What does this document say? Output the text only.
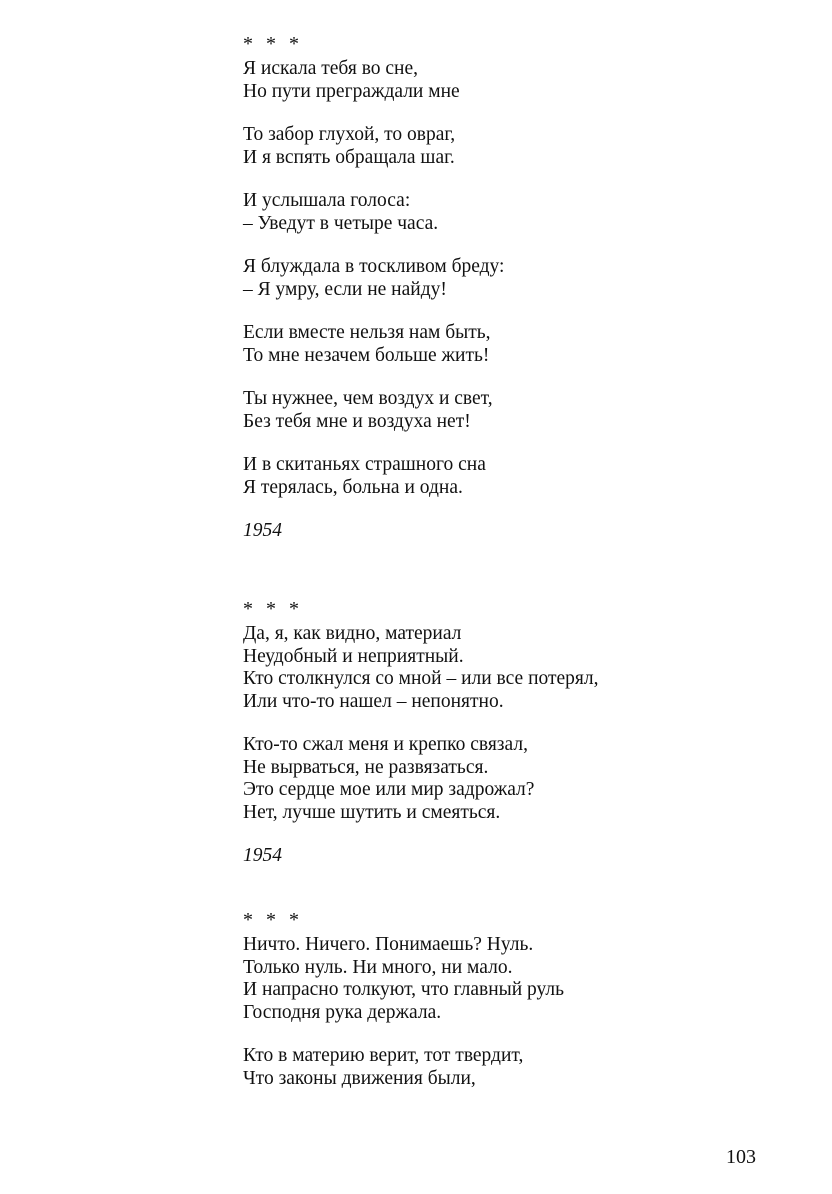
* * *
Я искала тебя во сне,
Но пути преграждали мне
То забор глухой, то овраг,
И я вспять обращала шаг.
И услышала голоса:
– Уведут в четыре часа.
Я блуждала в тоскливом бреду:
– Я умру, если не найду!
Если вместе нельзя нам быть,
То мне незачем больше жить!
Ты нужнее, чем воздух и свет,
Без тебя мне и воздуха нет!
И в скитаньях страшного сна
Я терялась, больна и одна.
1954
* * *
Да, я, как видно, материал
Неудобный и неприятный.
Кто столкнулся со мной – или все потерял,
Или что-то нашел – непонятно.
Кто-то сжал меня и крепко связал,
Не вырваться, не развязаться.
Это сердце мое или мир задрожал?
Нет, лучше шутить и смеяться.
1954
* * *
Ничто. Ничего. Понимаешь? Нуль.
Только нуль. Ни много, ни мало.
И напрасно толкуют, что главный руль
Господня рука держала.
Кто в материю верит, тот твердит,
Что законы движения были,
103
